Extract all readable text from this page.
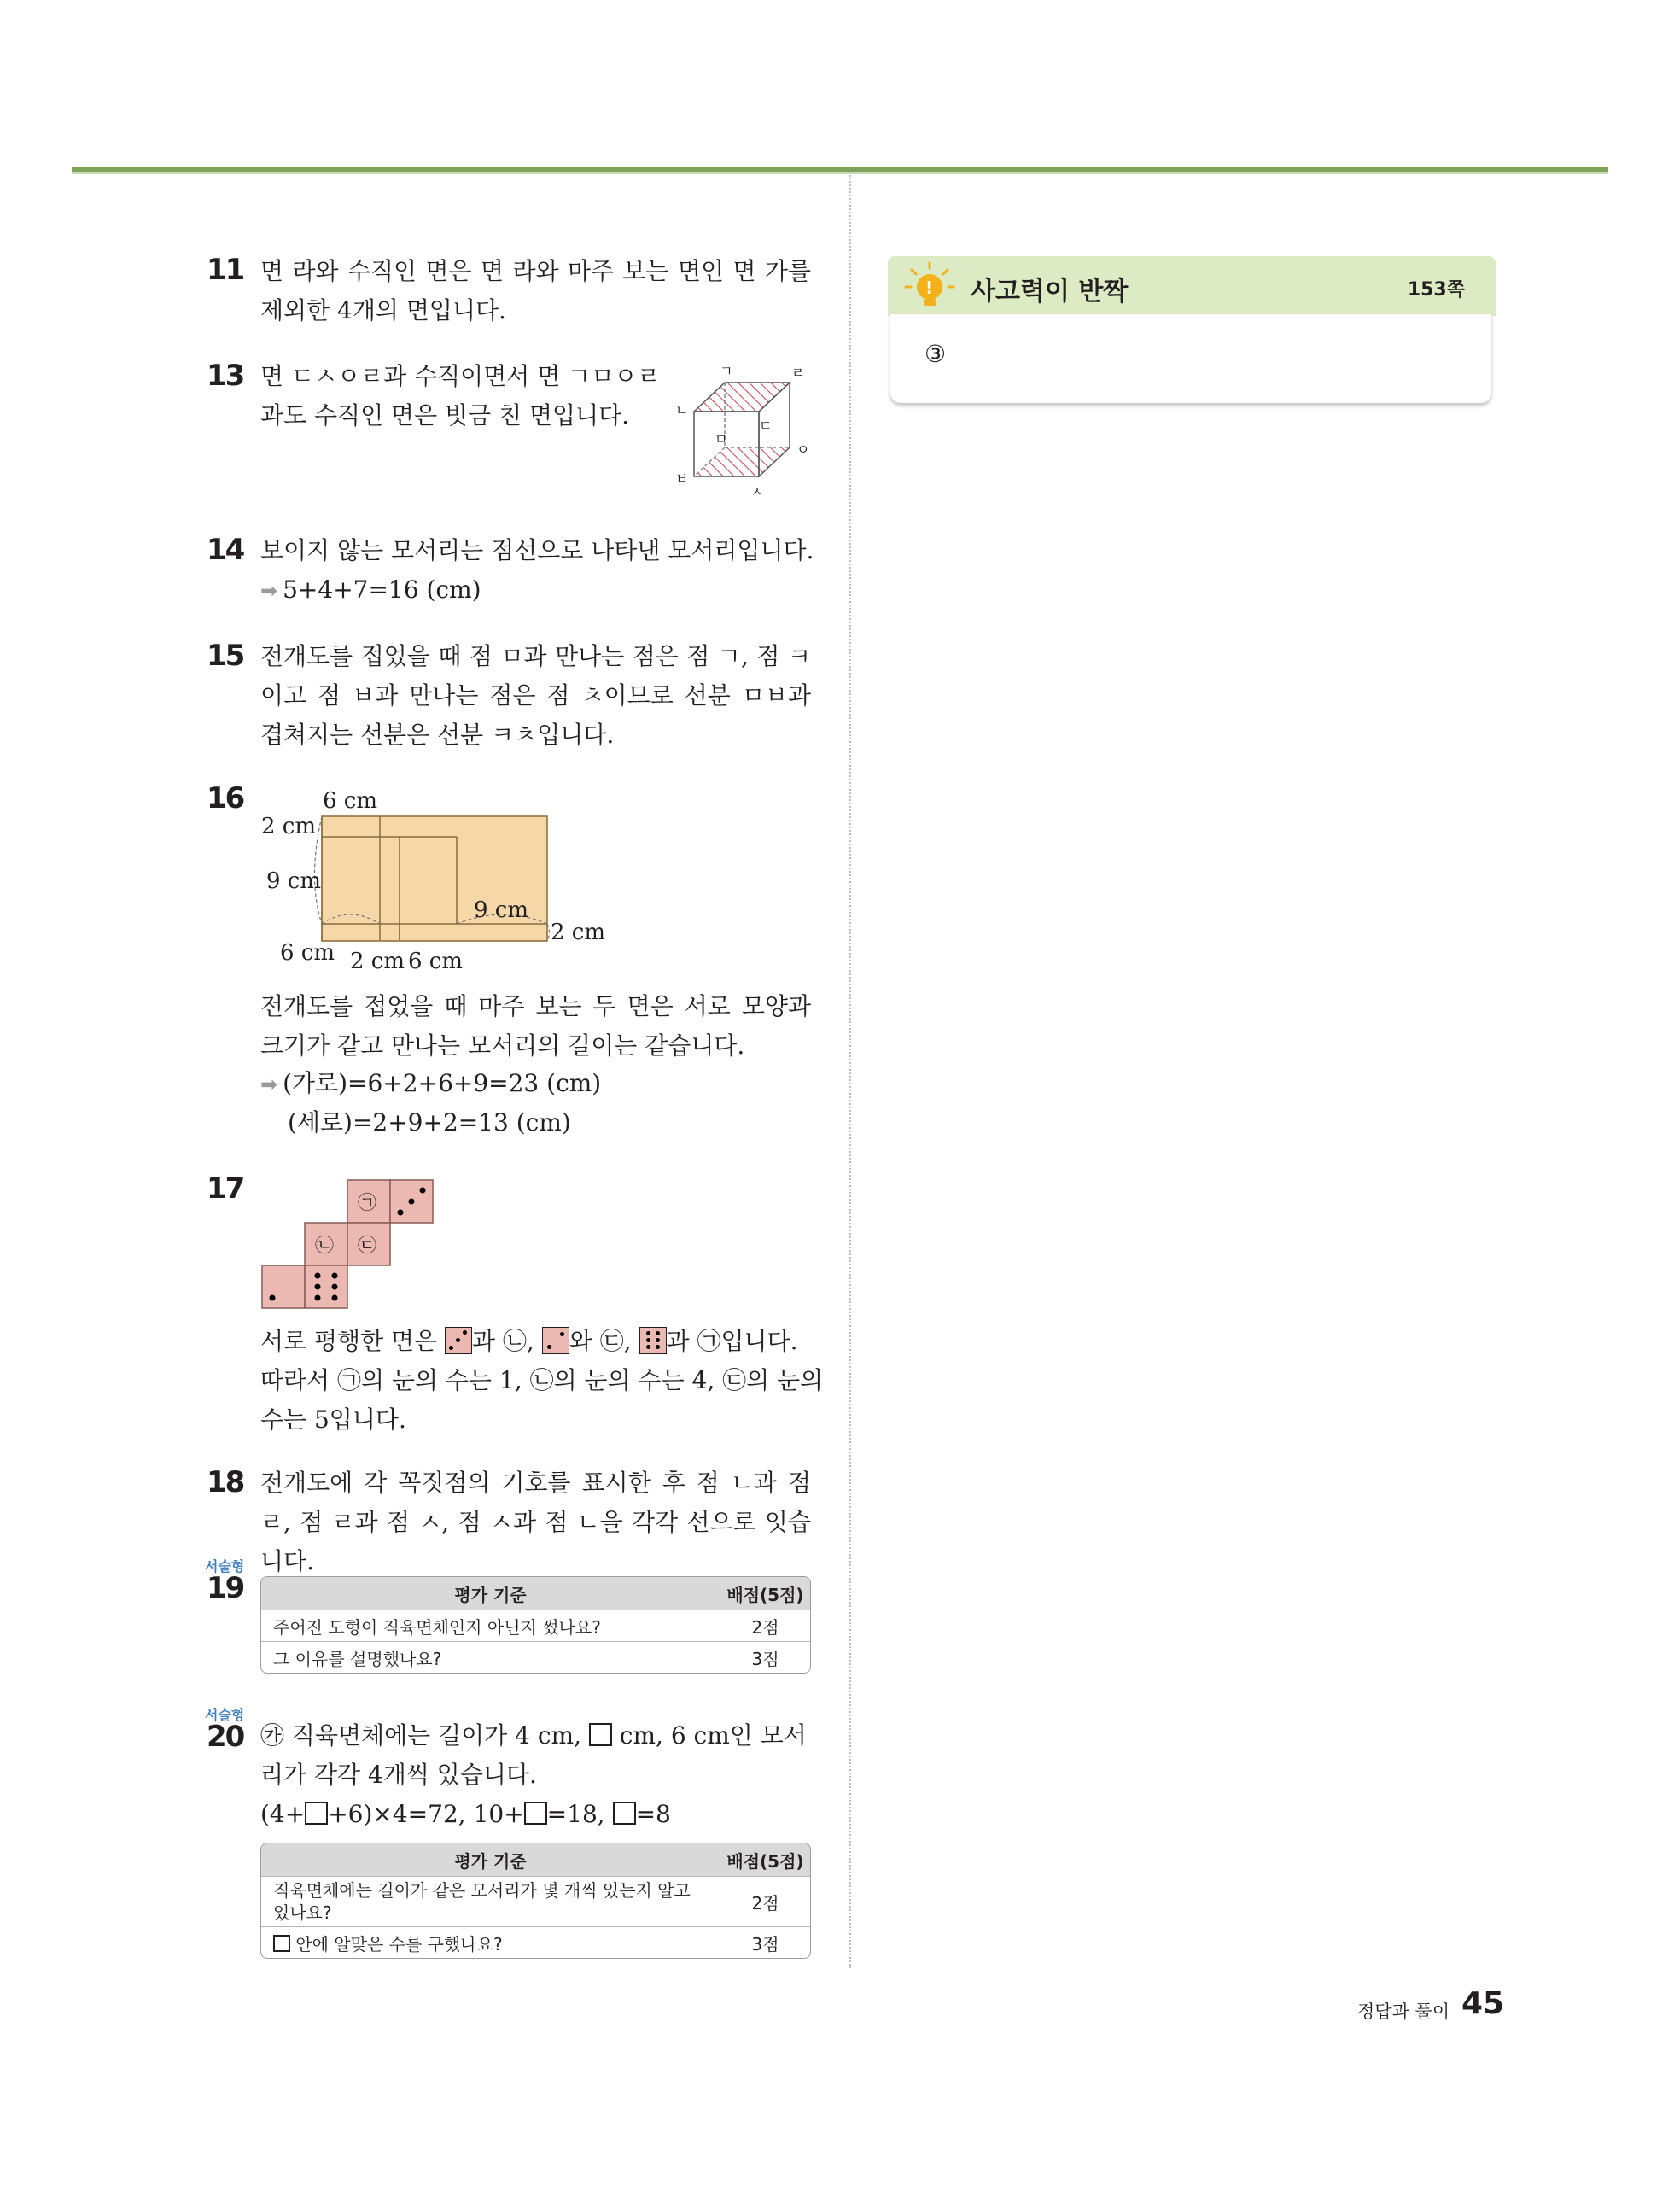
11 면 라와 수직인 면은 면 라와 마주 보는 면인 면 가를 제외한 4개의 면입니다.
13 면 ㄷㅅㅇㄹ과 수직이면서 면 ㄱㅁㅇㄹ
과도 수직인 면은 빗금 친 면입니다.
ㄱ	ㄹ
ㄴ
ㄷ
ㅁ
ㅇ
ㅂ
ㅅ
14 보이지 않는 모서리는 점선으로 나타낸 모서리입니다.
➡ 5+4+7=16 (cm)
15 전개도를 접었을 때 점 ㅁ과 만나는 점은 점 ㄱ, 점 ㅋ이고 점 ㅂ과 만나는 점은 점 ㅊ이므로 선분 ㅁㅂ과 겹쳐지는 선분은 선분 ㅋㅊ입니다.
16	6 cm
2 cm
9 cm
9 cm
2 cm
6 cm 2 cm 6 cm
전개도를 접었을 때 마주 보는 두 면은 서로 모양과 크기가 같고 만나는 모서리의 길이는 같습니다.
➡ (가로)=6+2+6+9=23 (cm)
(세로)=2+9+2=13 (cm)
17	㉠
㉡ ㉢
서로 평행한 면은
과 ㉡,
와 ㉢,
과 ㉠입니다.
따라서 ㉠의 눈의 수는 1, ㉡의 눈의 수는 4, ㉢의 눈의
수는 5입니다.
18 전개도에 각 꼭짓점의 기호를 표시한 후 점 ㄴ과 점 ㄹ, 점 ㄹ과 점 ㅅ, 점 ㅅ과 점 ㄴ을 각각 선으로 잇습니다.
서술형
19	평가 기준	배점(5점)
주어진 도형이 직육면체인지 아닌지 썼나요?	2점
그 이유를 설명했나요?	3점
서술형
20 ㉮ 직육면체에는 길이가 4 cm,  cm, 6 cm인 모서
리가 각각 4개씩 있습니다.
(4+ +6)×4=72, 10+ =18, =8
평가 기준	배점(5점)
직육면체에는 길이가 같은 모서리가 몇 개씩 있는지 알고 있나요?	2점
안에 알맞은 수를 구했나요?	3점
! 사고력이 반짝	153쪽
③
정답과 풀이 45
